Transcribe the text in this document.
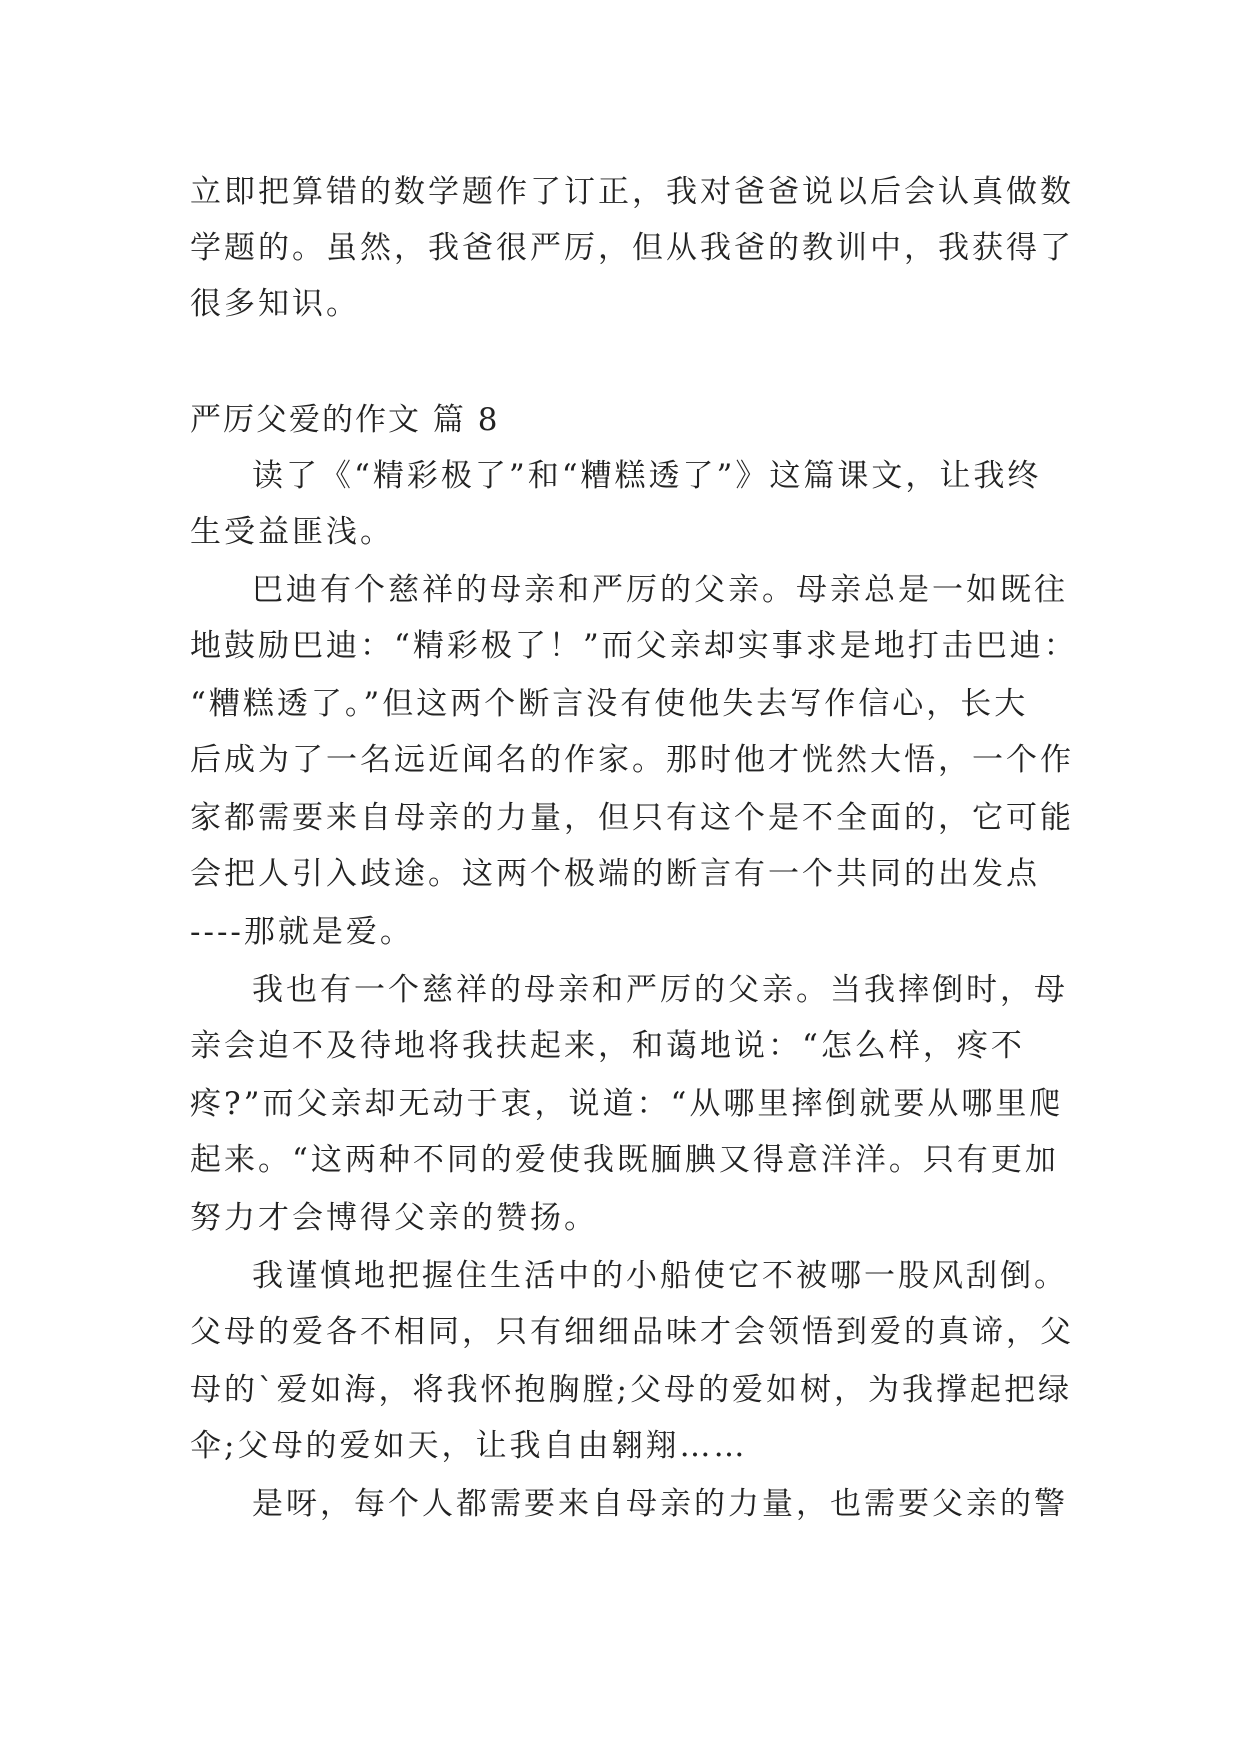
立即把算错的数学题作了订正，我对爸爸说以后会认真做数
学题的。虽然，我爸很严厉，但从我爸的教训中，我获得了
很多知识。
严厉父爱的作文 篇 8
读了《“精彩极了”和“糟糕透了”》这篇课文，让我终
生受益匪浅。
巴迪有个慈祥的母亲和严厉的父亲。母亲总是一如既往
地鼓励巴迪：“精彩极了！”而父亲却实事求是地打击巴迪：
“糟糕透了。”但这两个断言没有使他失去写作信心，长大
后成为了一名远近闻名的作家。那时他才恍然大悟，一个作
家都需要来自母亲的力量，但只有这个是不全面的，它可能
会把人引入歧途。这两个极端的断言有一个共同的出发点
----那就是爱。
我也有一个慈祥的母亲和严厉的父亲。当我摔倒时，母
亲会迫不及待地将我扶起来，和蔼地说：“怎么样，疼不
疼?”而父亲却无动于衷，说道：“从哪里摔倒就要从哪里爬
起来。“这两种不同的爱使我既腼腆又得意洋洋。只有更加
努力才会博得父亲的赞扬。
我谨慎地把握住生活中的小船使它不被哪一股风刮倒。
父母的爱各不相同，只有细细品味才会领悟到爱的真谛，父
母的`爱如海，将我怀抱胸膛;父母的爱如树，为我撑起把绿
伞;父母的爱如天，让我自由翱翔……
是呀，每个人都需要来自母亲的力量，也需要父亲的警
